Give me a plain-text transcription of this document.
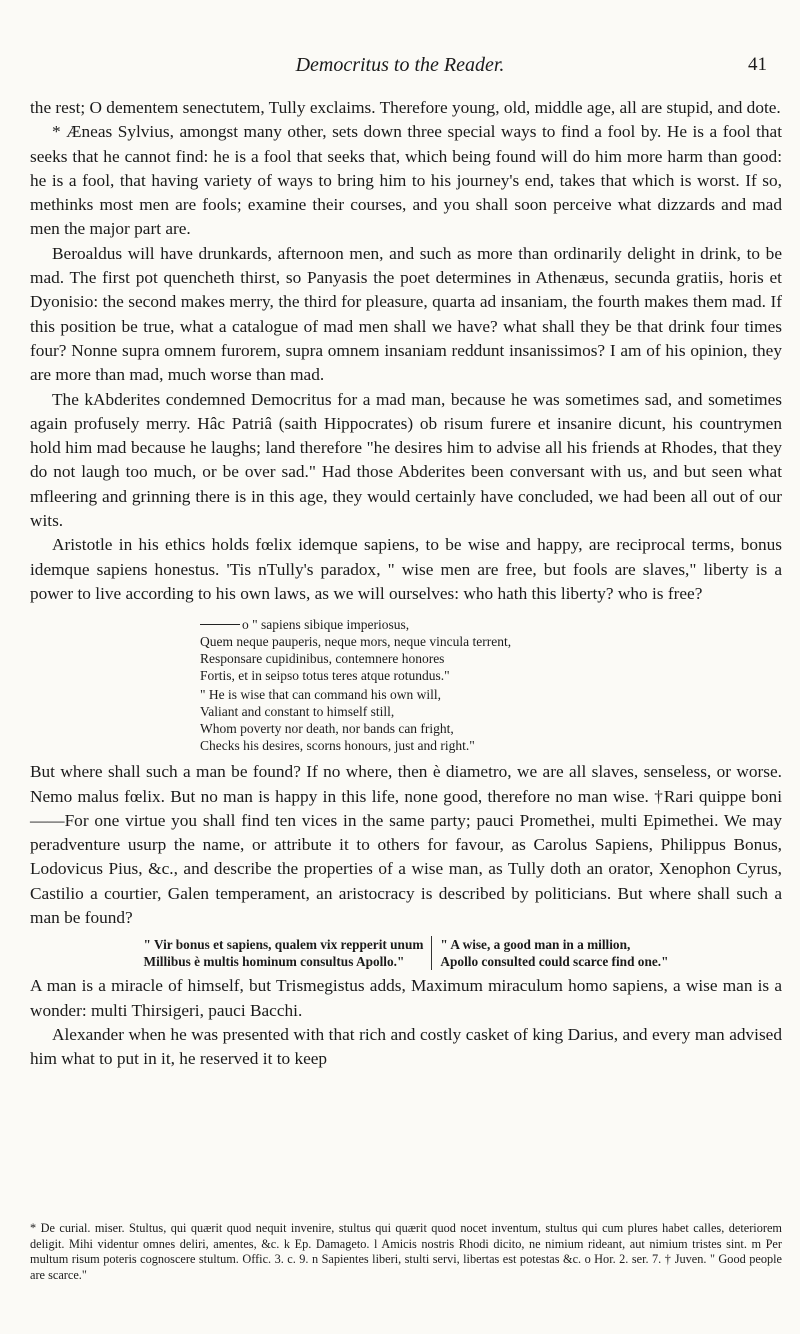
Democritus to the Reader.	41

the rest; O dementem senectutem, Tully exclaims. Therefore young, old, middle age, all are stupid, and dote.

* Æneas Sylvius, amongst many other, sets down three special ways to find a fool by. He is a fool that seeks that he cannot find: he is a fool that seeks that, which being found will do him more harm than good: he is a fool, that having variety of ways to bring him to his journey's end, takes that which is worst. If so, methinks most men are fools; examine their courses, and you shall soon perceive what dizzards and mad men the major part are.

Beroaldus will have drunkards, afternoon men, and such as more than ordinarily delight in drink, to be mad. The first pot quencheth thirst, so Panyasis the poet determines in Athenæus, secunda gratiis, horis et Dyonisio: the second makes merry, the third for pleasure, quarta ad insaniam, the fourth makes them mad. If this position be true, what a catalogue of mad men shall we have? what shall they be that drink four times four? Nonne supra omnem furorem, supra omnem insaniam reddunt insanissimos? I am of his opinion, they are more than mad, much worse than mad.

The kAbderites condemned Democritus for a mad man, because he was sometimes sad, and sometimes again profusely merry. Hâc Patriâ (saith Hippocrates) ob risum furere et insanire dicunt, his countrymen hold him mad because he laughs; land therefore "he desires him to advise all his friends at Rhodes, that they do not laugh too much, or be over sad." Had those Abderites been conversant with us, and but seen what mfleering and grinning there is in this age, they would certainly have concluded, we had been all out of our wits.

Aristotle in his ethics holds fœlix idemque sapiens, to be wise and happy, are reciprocal terms, bonus idemque sapiens honestus. 'Tis nTully's paradox, " wise men are free, but fools are slaves," liberty is a power to live according to his own laws, as we will ourselves: who hath this liberty? who is free?

o " sapiens sibique imperiosus,
Quem neque pauperis, neque mors, neque vincula terrent,
Responsare cupidinibus, contemnere honores
Fortis, et in seipso totus teres atque rotundus."
" He is wise that can command his own will,
Valiant and constant to himself still,
Whom poverty nor death, nor bands can fright,
Checks his desires, scorns honours, just and right."

But where shall such a man be found? If no where, then è diametro, we are all slaves, senseless, or worse. Nemo malus fœlix. But no man is happy in this life, none good, therefore no man wise. †Rari quippe boni——For one virtue you shall find ten vices in the same party; pauci Promethei, multi Epimethei. We may peradventure usurp the name, or attribute it to others for favour, as Carolus Sapiens, Philippus Bonus, Lodovicus Pius, &c., and describe the properties of a wise man, as Tully doth an orator, Xenophon Cyrus, Castilio a courtier, Galen temperament, an aristocracy is described by politicians. But where shall such a man be found?

" Vir bonus et sapiens, qualem vix repperit unum
Millibus è multis hominum consultus Apollo."
" A wise, a good man in a million,
Apollo consulted could scarce find one."

A man is a miracle of himself, but Trismegistus adds, Maximum miraculum homo sapiens, a wise man is a wonder: multi Thirsigeri, pauci Bacchi.

Alexander when he was presented with that rich and costly casket of king Darius, and every man advised him what to put in it, he reserved it to keep

* De curial. miser. Stultus, qui quærit quod nequit invenire, stultus qui quærit quod nocet inventum, stultus qui cum plures habet calles, deteriorem deligit. Mihi videntur omnes deliri, amentes, &c. k Ep. Damageto. l Amicis nostris Rhodi dicito, ne nimium rideant, aut nimium tristes sint. m Per multum risum poteris cognoscere stultum. Offic. 3. c. 9. n Sapientes liberi, stulti servi, libertas est potestas &c. o Hor. 2. ser. 7. † Juven. " Good people are scarce."
